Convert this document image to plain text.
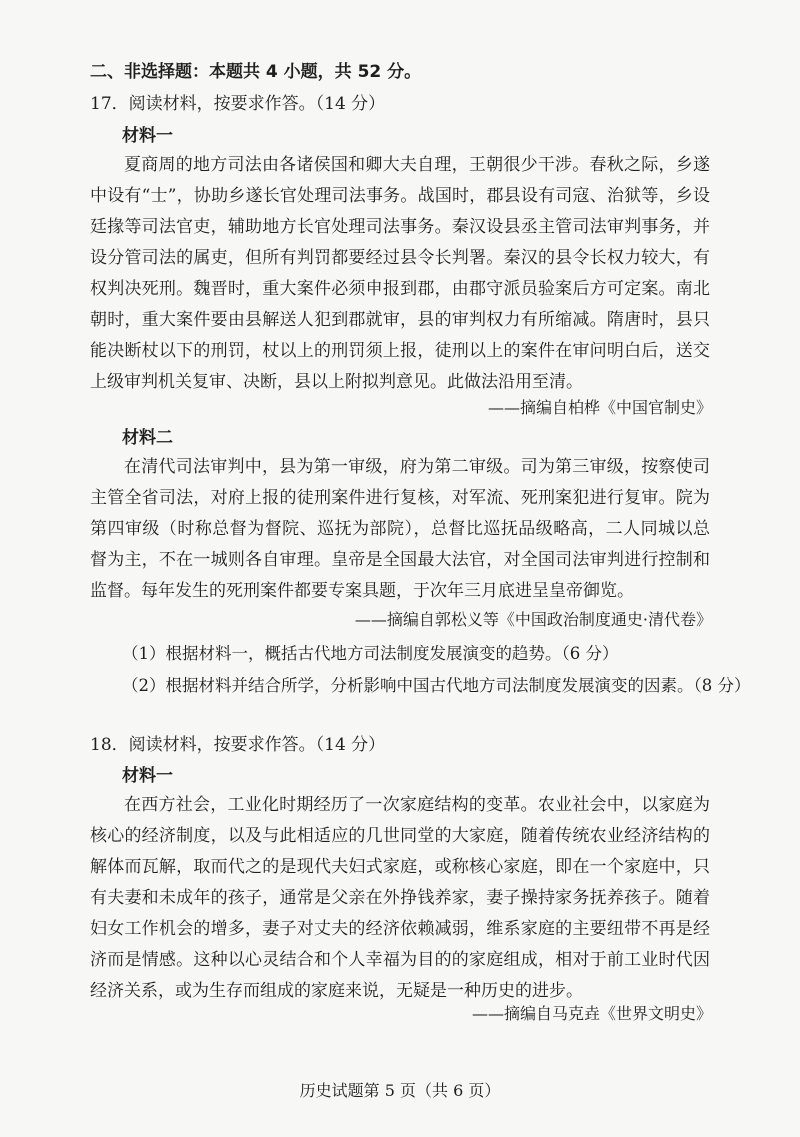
二、非选择题：本题共 4 小题，共 52 分。

17．阅读材料，按要求作答。（14 分）

材料一

夏商周的地方司法由各诸侯国和卿大夫自理，王朝很少干涉。春秋之际，乡遂中设有“士”，协助乡遂长官处理司法事务。战国时，郡县设有司寇、治狱等，乡设廷掾等司法官吏，辅助地方长官处理司法事务。秦汉设县丞主管司法审判事务，并设分管司法的属吏，但所有判罚都要经过县令长判署。秦汉的县令长权力较大，有权判决死刑。魏晋时，重大案件必须申报到郡，由郡守派员验案后方可定案。南北朝时，重大案件要由县解送人犯到郡就审，县的审判权力有所缩减。隋唐时，县只能决断杖以下的刑罚，杖以上的刑罚须上报，徒刑以上的案件在审问明白后，送交上级审判机关复审、决断，县以上附拟判意见。此做法沿用至清。

——摘编自柏桦《中国官制史》

材料二

在清代司法审判中，县为第一审级，府为第二审级。司为第三审级，按察使司主管全省司法，对府上报的徒刑案件进行复核，对军流、死刑案犯进行复审。院为第四审级（时称总督为督院、巡抚为部院），总督比巡抚品级略高，二人同城以总督为主，不在一城则各自审理。皇帝是全国最大法官，对全国司法审判进行控制和监督。每年发生的死刑案件都要专案具题，于次年三月底进呈皇帝御览。

——摘编自郭松义等《中国政治制度通史·清代卷》

（1）根据材料一，概括古代地方司法制度发展演变的趋势。（6 分）

（2）根据材料并结合所学，分析影响中国古代地方司法制度发展演变的因素。（8 分）

18．阅读材料，按要求作答。（14 分）

材料一

在西方社会，工业化时期经历了一次家庭结构的变革。农业社会中，以家庭为核心的经济制度，以及与此相适应的几世同堂的大家庭，随着传统农业经济结构的解体而瓦解，取而代之的是现代夫妇式家庭，或称核心家庭，即在一个家庭中，只有夫妻和未成年的孩子，通常是父亲在外挣钱养家，妻子操持家务抚养孩子。随着妇女工作机会的增多，妻子对丈夫的经济依赖减弱，维系家庭的主要纽带不再是经济而是情感。这种以心灵结合和个人幸福为目的的家庭组成，相对于前工业时代因经济关系，或为生存而组成的家庭来说，无疑是一种历史的进步。

——摘编自马克垚《世界文明史》

历史试题第 5 页（共 6 页）
